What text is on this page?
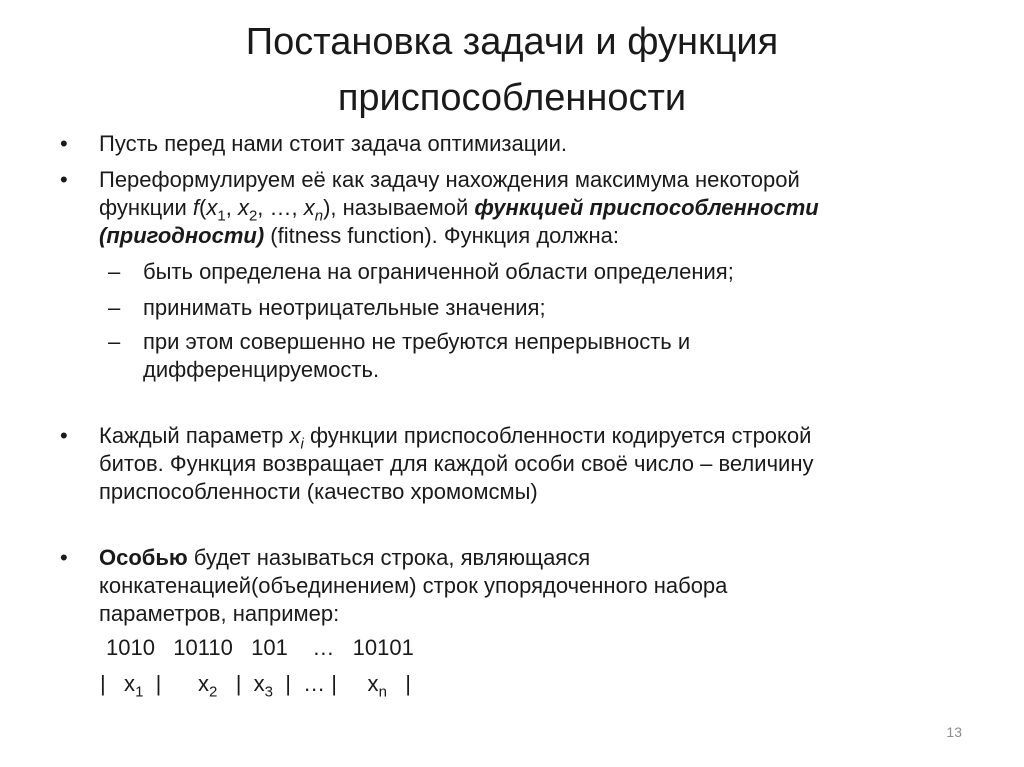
Постановка задачи и функция
приспособленности
• Пусть перед нами стоит задача оптимизации.
• Переформулируем её как задачу нахождения максимума некоторой
функции $f(x_1$, $x_2$, …, $x_n$), называемой функцией приспособленности
(пригодности) (fitness function). Функция должна:
– быть определена на ограниченной области определения;
– принимать неотрицательные значения;
– при этом совершенно не требуются непрерывность и
дифференцируемость.
• Каждый параметр $x_i$ функции приспособленности кодируется строкой
битов. Функция возвращает для каждой особи своё число – величину
приспособленности (качество хромомсмы)
• Особью будет называться строка, являющаяся
конкатенацией(объединением) строк упорядоченного набора
параметров, например:
1010   10110   101    …   10101
|   $x_1$  |      $x_2$   |  $x_3$  |  … |     $x_n$   |
13
